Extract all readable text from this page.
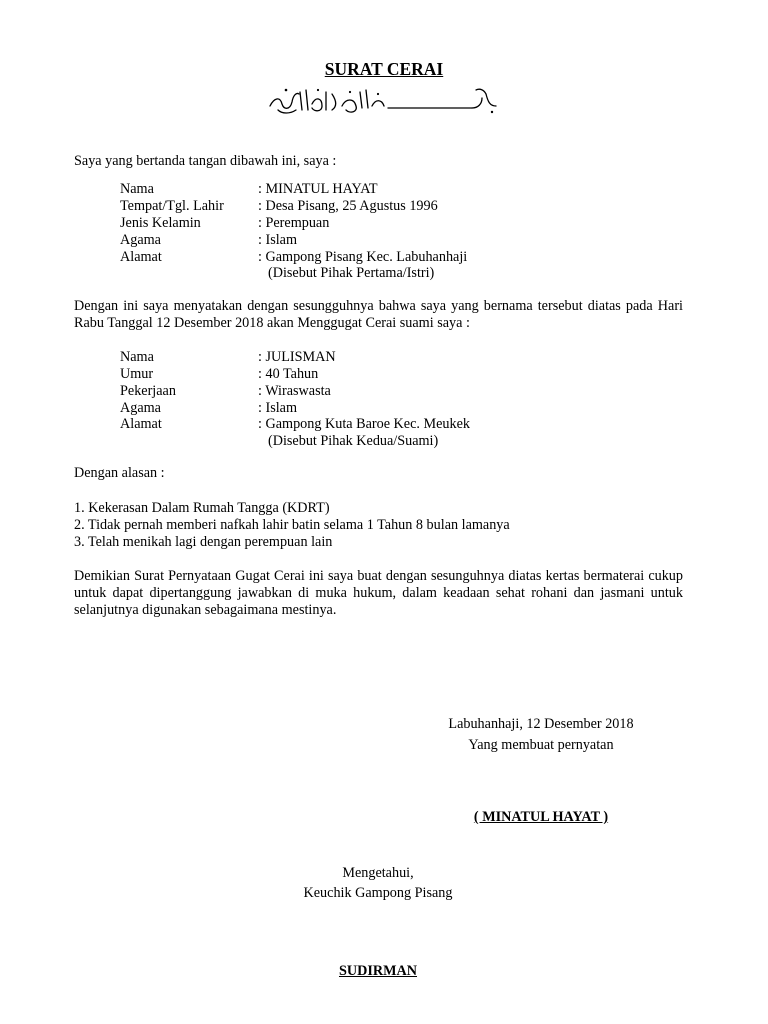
SURAT CERAI
Saya yang bertanda tangan dibawah ini, saya :
Nama	: MINATUL HAYAT
Tempat/Tgl. Lahir : Desa Pisang, 25 Agustus 1996
Jenis Kelamin	: Perempuan
Agama	: Islam
Alamat	: Gampong Pisang Kec. Labuhanhaji
(Disebut Pihak Pertama/Istri)
Dengan ini saya menyatakan dengan sesungguhnya bahwa saya yang bernama tersebut diatas pada Hari Rabu Tanggal 12 Desember 2018 akan Menggugat Cerai suami saya :
Nama	: JULISMAN
Umur	: 40 Tahun
Pekerjaan	: Wiraswasta
Agama	: Islam
Alamat	: Gampong Kuta Baroe Kec. Meukek
(Disebut Pihak Kedua/Suami)
Dengan alasan :
1. Kekerasan Dalam Rumah Tangga (KDRT)
2. Tidak pernah memberi nafkah lahir batin selama 1 Tahun 8 bulan lamanya
3. Telah menikah lagi dengan perempuan lain
Demikian Surat Pernyataan Gugat Cerai ini saya buat dengan sesunguhnya diatas kertas bermaterai cukup untuk dapat dipertanggung jawabkan di muka hukum, dalam keadaan sehat rohani dan jasmani untuk selanjutnya digunakan sebagaimana mestinya.
Labuhanhaji, 12 Desember 2018
Yang membuat pernyatan
( MINATUL HAYAT )
Mengetahui,
Keuchik Gampong Pisang
SUDIRMAN
